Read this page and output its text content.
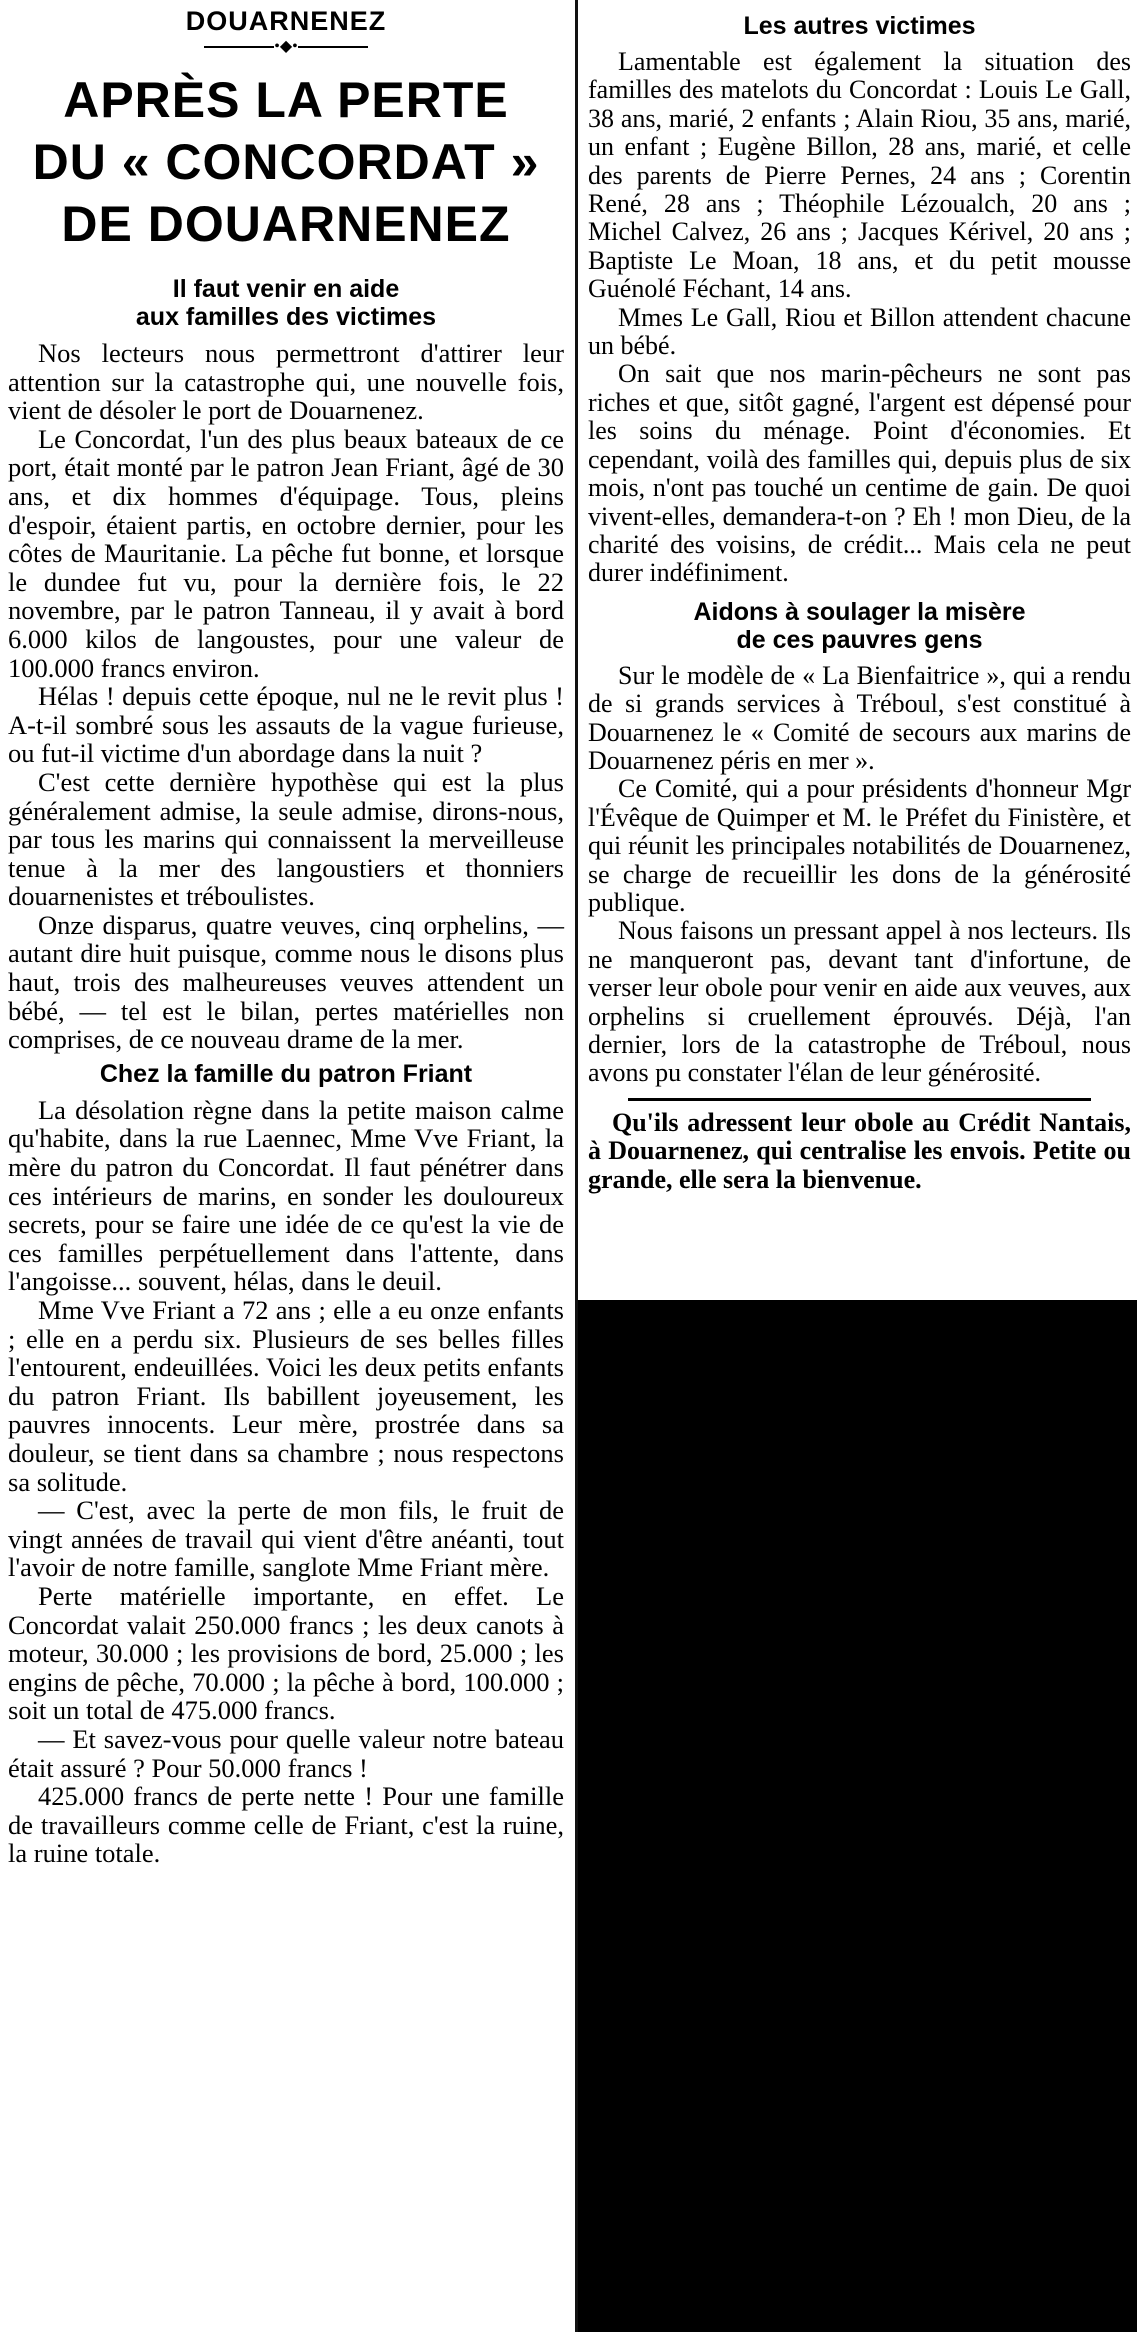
DOUARNENEZ
•◆•
APRÈS LA PERTE
DU « CONCORDAT »
DE DOUARNENEZ
Il faut venir en aide
aux familles des victimes

Nos lecteurs nous permettront d'attirer leur attention sur la catastrophe qui, une nouvelle fois, vient de désoler le port de Douarnenez.

Le Concordat, l'un des plus beaux bateaux de ce port, était monté par le patron Jean Friant, âgé de 30 ans, et dix hommes d'équipage. Tous, pleins d'espoir, étaient partis, en octobre dernier, pour les côtes de Mauritanie. La pêche fut bonne, et lorsque le dundee fut vu, pour la dernière fois, le 22 novembre, par le patron Tanneau, il y avait à bord 6.000 kilos de langoustes, pour une valeur de 100.000 francs environ.

Hélas ! depuis cette époque, nul ne le revit plus ! A-t-il sombré sous les assauts de la vague furieuse, ou fut-il victime d'un abordage dans la nuit ?

C'est cette dernière hypothèse qui est la plus généralement admise, la seule admise, dirons-nous, par tous les marins qui connaissent la merveilleuse tenue à la mer des langoustiers et thonniers douarnenistes et tréboulistes.

Onze disparus, quatre veuves, cinq orphelins, — autant dire huit puisque, comme nous le disons plus haut, trois des malheureuses veuves attendent un bébé, — tel est le bilan, pertes matérielles non comprises, de ce nouveau drame de la mer.

Chez la famille du patron Friant

La désolation règne dans la petite maison calme qu'habite, dans la rue Laennec, Mme Vve Friant, la mère du patron du Concordat. Il faut pénétrer dans ces intérieurs de marins, en sonder les douloureux secrets, pour se faire une idée de ce qu'est la vie de ces familles perpétuellement dans l'attente, dans l'angoisse... souvent, hélas, dans le deuil.

Mme Vve Friant a 72 ans ; elle a eu onze enfants ; elle en a perdu six. Plusieurs de ses belles filles l'entourent, endeuillées. Voici les deux petits enfants du patron Friant. Ils babillent joyeusement, les pauvres innocents. Leur mère, prostrée dans sa douleur, se tient dans sa chambre ; nous respectons sa solitude.

— C'est, avec la perte de mon fils, le fruit de vingt années de travail qui vient d'être anéanti, tout l'avoir de notre famille, sanglote Mme Friant mère.

Perte matérielle importante, en effet. Le Concordat valait 250.000 francs ; les deux canots à moteur, 30.000 ; les provisions de bord, 25.000 ; les engins de pêche, 70.000 ; la pêche à bord, 100.000 ; soit un total de 475.000 francs.

— Et savez-vous pour quelle valeur notre bateau était assuré ? Pour 50.000 francs !

425.000 francs de perte nette ! Pour une famille de travailleurs comme celle de Friant, c'est la ruine, la ruine totale.

Les autres victimes

Lamentable est également la situation des familles des matelots du Concordat : Louis Le Gall, 38 ans, marié, 2 enfants ; Alain Riou, 35 ans, marié, un enfant ; Eugène Billon, 28 ans, marié, et celle des parents de Pierre Pernes, 24 ans ; Corentin René, 28 ans ; Théophile Lézoualch, 20 ans ; Michel Calvez, 26 ans ; Jacques Kérivel, 20 ans ; Baptiste Le Moan, 18 ans, et du petit mousse Guénolé Féchant, 14 ans.

Mmes Le Gall, Riou et Billon attendent chacune un bébé.

On sait que nos marin-pêcheurs ne sont pas riches et que, sitôt gagné, l'argent est dépensé pour les soins du ménage. Point d'économies. Et cependant, voilà des familles qui, depuis plus de six mois, n'ont pas touché un centime de gain. De quoi vivent-elles, demandera-t-on ? Eh ! mon Dieu, de la charité des voisins, de crédit... Mais cela ne peut durer indéfiniment.

Aidons à soulager la misère
de ces pauvres gens

Sur le modèle de « La Bienfaitrice », qui a rendu de si grands services à Tréboul, s'est constitué à Douarnenez le « Comité de secours aux marins de Douarnenez péris en mer ».

Ce Comité, qui a pour présidents d'honneur Mgr l'Évêque de Quimper et M. le Préfet du Finistère, et qui réunit les principales notabilités de Douarnenez, se charge de recueillir les dons de la générosité publique.

Nous faisons un pressant appel à nos lecteurs. Ils ne manqueront pas, devant tant d'infortune, de verser leur obole pour venir en aide aux veuves, aux orphelins si cruellement éprouvés. Déjà, l'an dernier, lors de la catastrophe de Tréboul, nous avons pu constater l'élan de leur générosité.

Qu'ils adressent leur obole au Crédit Nantais, à Douarnenez, qui centralise les envois. Petite ou grande, elle sera la bienvenue.
